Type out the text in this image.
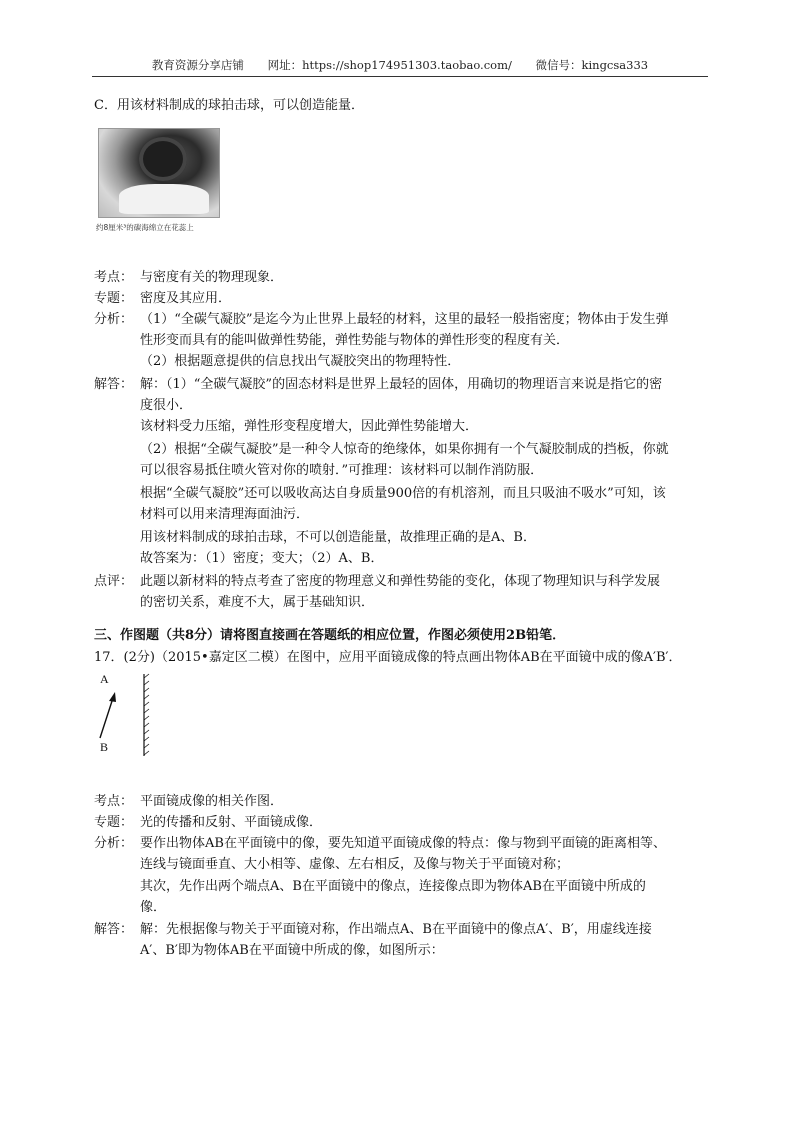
教育资源分享店铺 网址：https://shop174951303.taobao.com/ 微信号：kingcsa333
C．用该材料制成的球拍击球，可以创造能量．
约8厘米³的碳海绵立在花蕊上
考点： 与密度有关的物理现象．
专题： 密度及其应用．
分析： （1）“全碳气凝胶”是迄今为止世界上最轻的材料，这里的最轻一般指密度；物体由于发生弹
性形变而具有的能叫做弹性势能，弹性势能与物体的弹性形变的程度有关．
（2）根据题意提供的信息找出气凝胶突出的物理特性．
解答： 解：（1）“全碳气凝胶”的固态材料是世界上最轻的固体，用确切的物理语言来说是指它的密
度很小．
该材料受力压缩，弹性形变程度增大，因此弹性势能增大．
（2）根据“全碳气凝胶”是一种令人惊奇的绝缘体，如果你拥有一个气凝胶制成的挡板，你就
可以很容易抵住喷火管对你的喷射．”可推理：该材料可以制作消防服．
根据“全碳气凝胶”还可以吸收高达自身质量900倍的有机溶剂，而且只吸油不吸水”可知，该
材料可以用来清理海面油污．
用该材料制成的球拍击球，不可以创造能量，故推理正确的是A、B．
故答案为：（1）密度；变大；（2）A、B．
点评： 此题以新材料的特点考查了密度的物理意义和弹性势能的变化，体现了物理知识与科学发展
的密切关系，难度不大，属于基础知识．
三、作图题（共8分）请将图直接画在答题纸的相应位置，作图必须使用2B铅笔．
17．(2分)（2015•嘉定区二模）在图中，应用平面镜成像的特点画出物体AB在平面镜中成的像A′B′．
A
B
考点： 平面镜成像的相关作图．
专题： 光的传播和反射、平面镜成像．
分析： 要作出物体AB在平面镜中的像，要先知道平面镜成像的特点：像与物到平面镜的距离相等、
连线与镜面垂直、大小相等、虚像、左右相反，及像与物关于平面镜对称；
其次，先作出两个端点A、B在平面镜中的像点，连接像点即为物体AB在平面镜中所成的
像．
解答： 解：先根据像与物关于平面镜对称，作出端点A、B在平面镜中的像点A′、B′，用虚线连接
A′、B′即为物体AB在平面镜中所成的像，如图所示：
